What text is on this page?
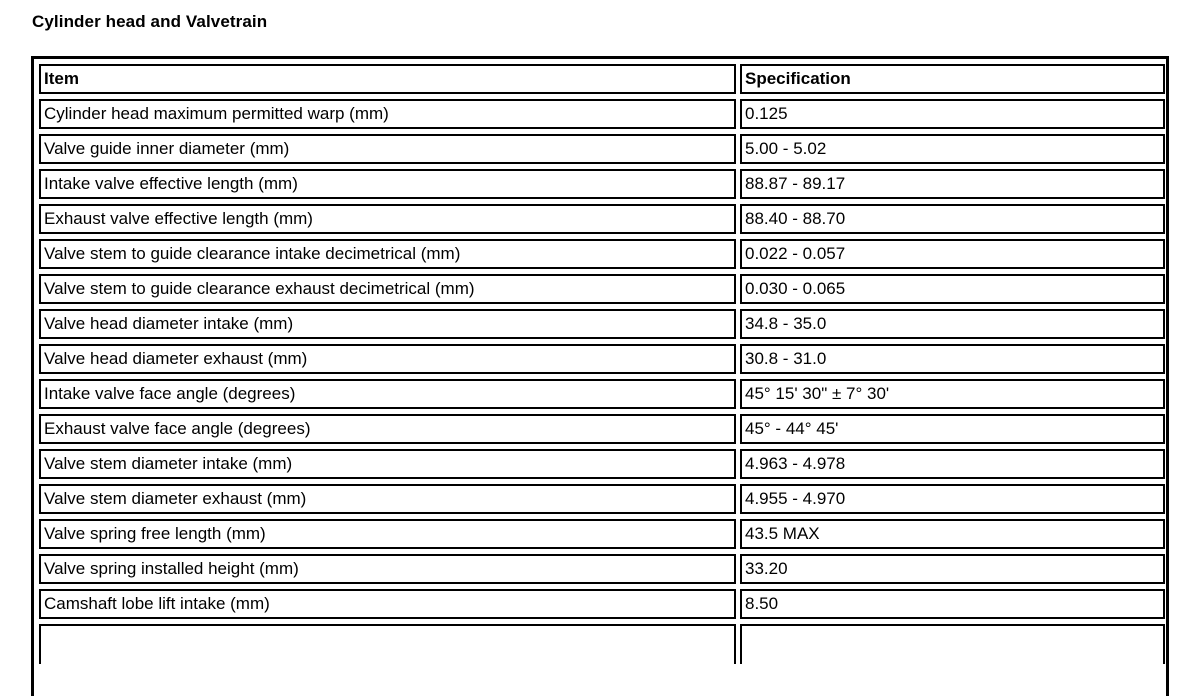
Cylinder head and Valvetrain
Item	Specification
Cylinder head maximum permitted warp (mm)	0.125
Valve guide inner diameter (mm)	5.00 - 5.02
Intake valve effective length (mm)	88.87 - 89.17
Exhaust valve effective length (mm)	88.40 - 88.70
Valve stem to guide clearance intake decimetrical (mm)	0.022 - 0.057
Valve stem to guide clearance exhaust decimetrical (mm)	0.030 - 0.065
Valve head diameter intake (mm)	34.8 - 35.0
Valve head diameter exhaust (mm)	30.8 - 31.0
Intake valve face angle (degrees)	45° 15' 30" ± 7° 30'
Exhaust valve face angle (degrees)	45° - 44° 45'
Valve stem diameter intake (mm)	4.963 - 4.978
Valve stem diameter exhaust (mm)	4.955 - 4.970
Valve spring free length (mm)	43.5 MAX
Valve spring installed height (mm)	33.20
Camshaft lobe lift intake (mm)	8.50
